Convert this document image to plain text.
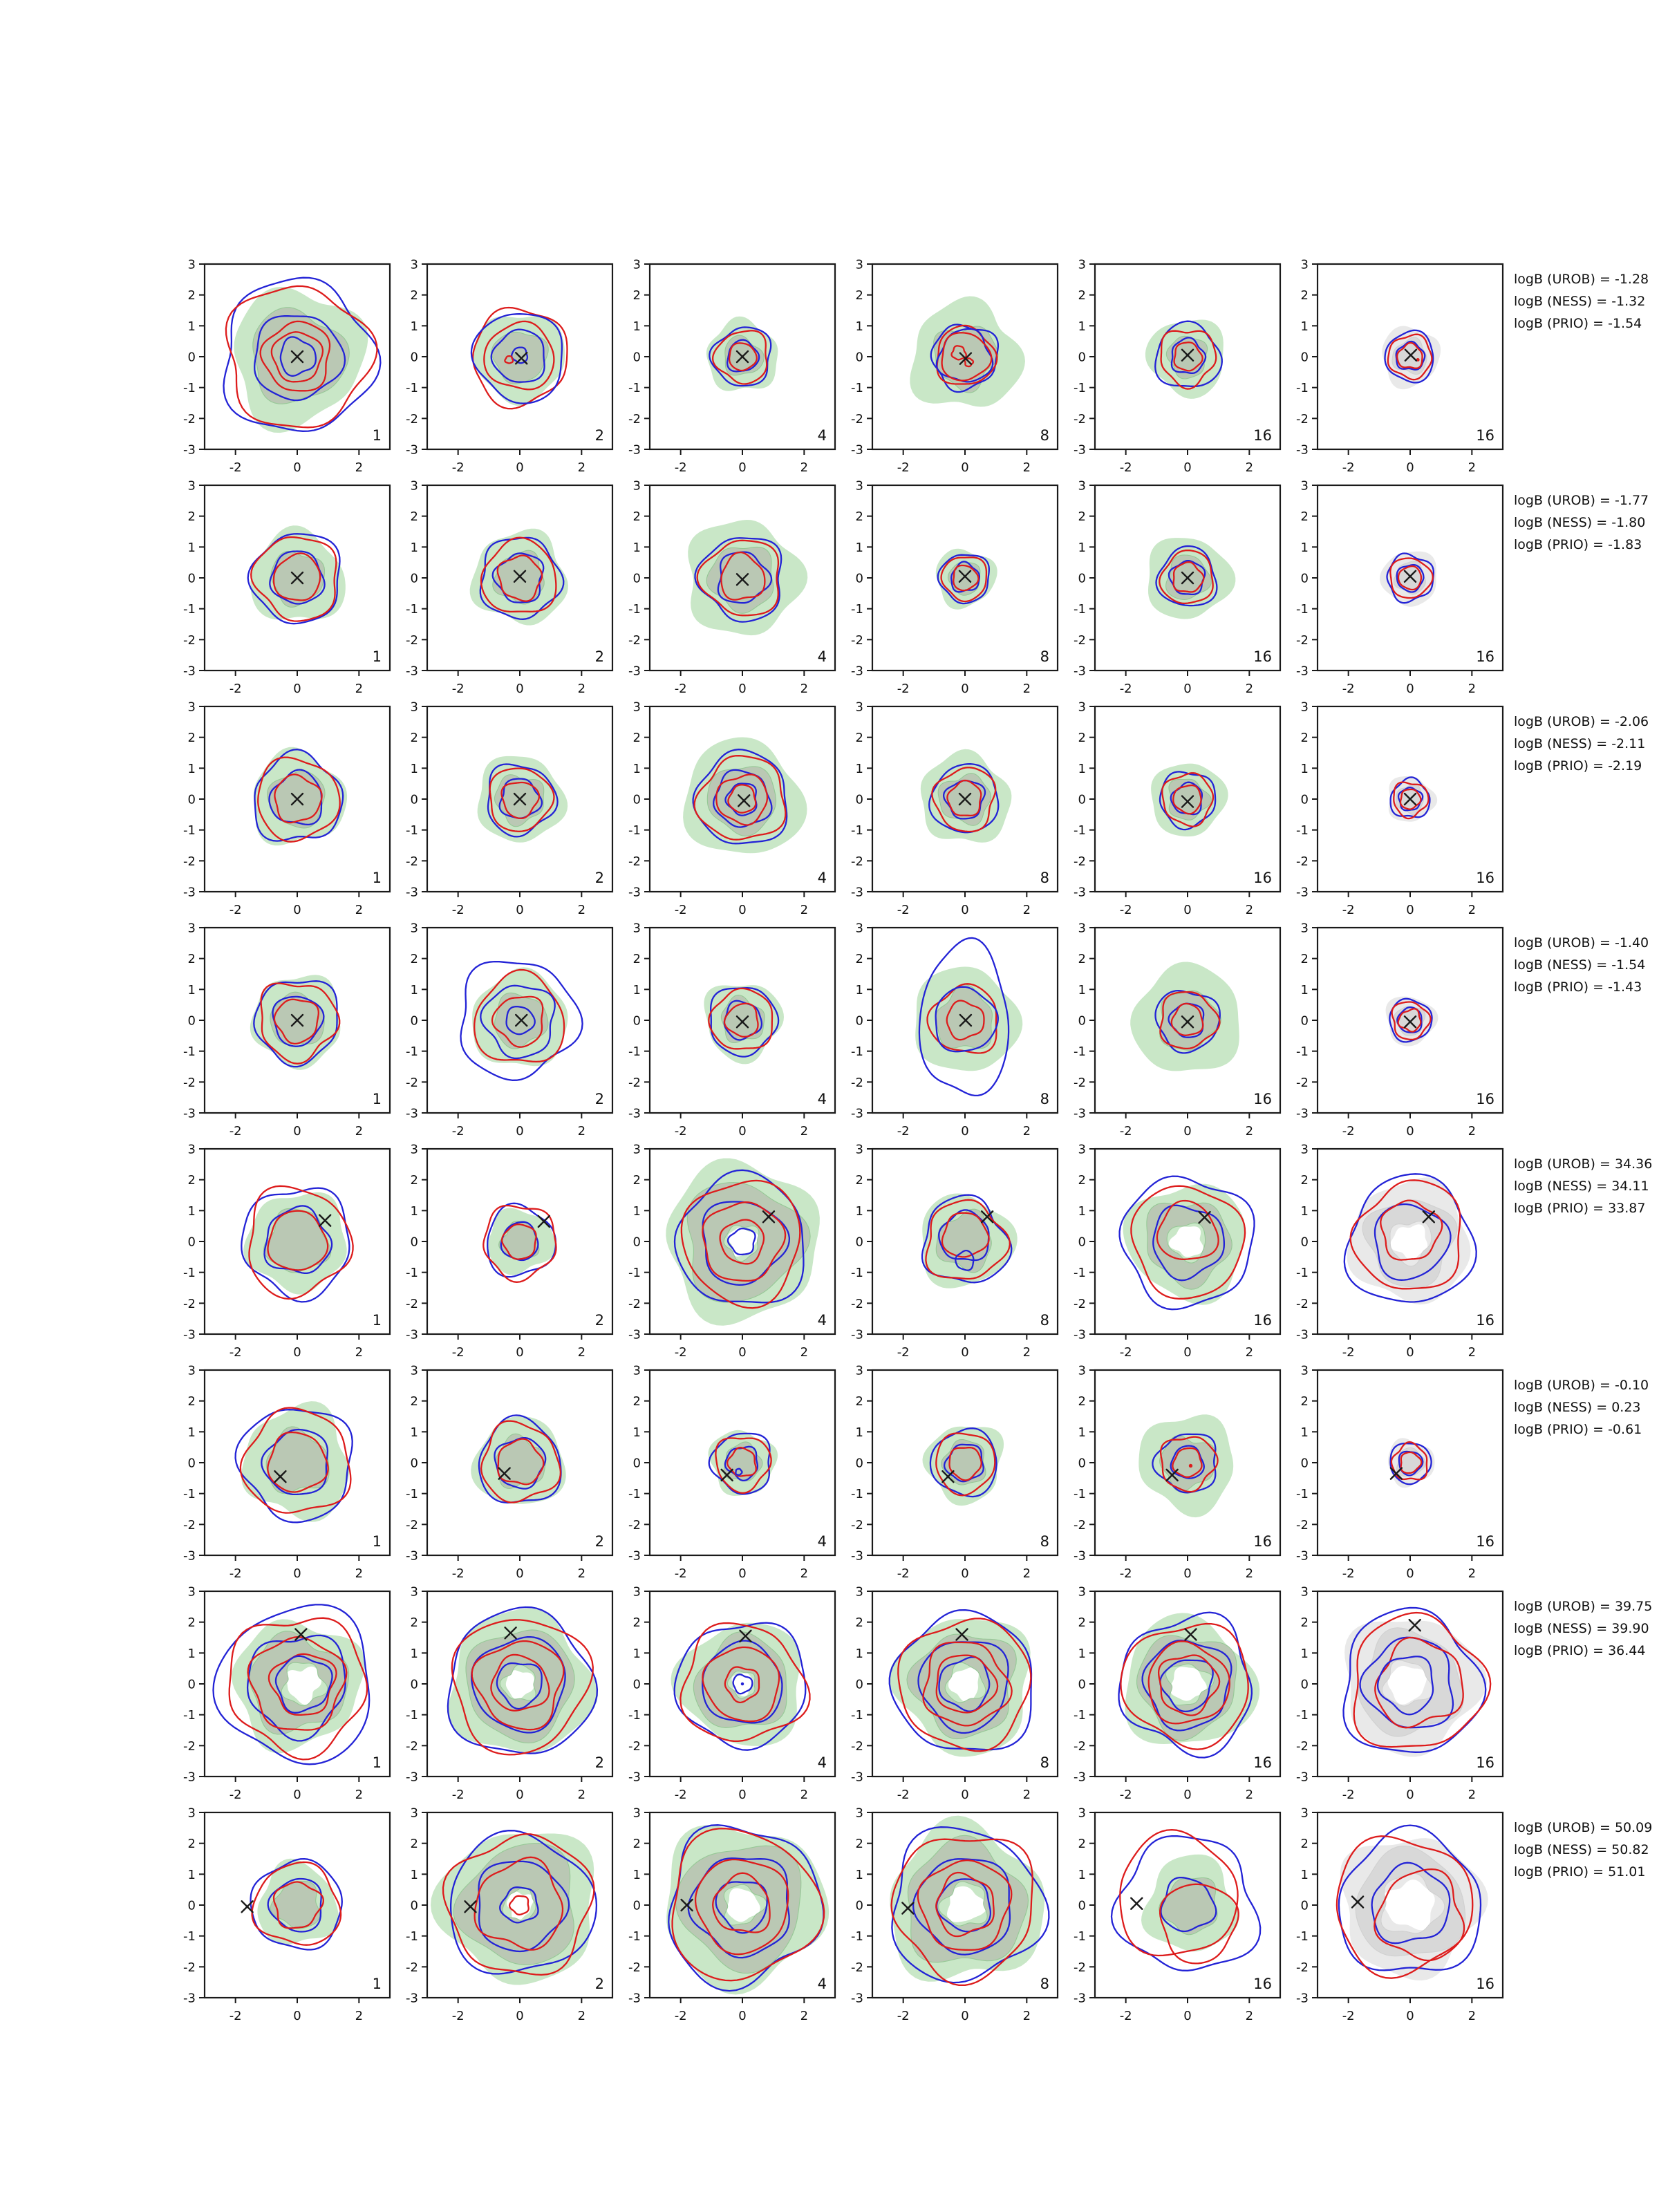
-2	0	2
3
2
1
0
-1
-2
-3
1
-2	0	2
3
2
1
0
-1
-2
-3
2
-2	0	2
3
2
1
0
-1
-2
-3
4
-2	0	2
3
2
1
0
-1
-2
-3
8
-2	0	2
3
2
1
0
-1
-2
-3
16
-2	0	2
3
2
1
0
-1
-2
-3
16
-2	0	2
3
2
1
0
-1
-2
-3
1
-2	0	2
3
2
1
0
-1
-2
-3
2
-2	0	2
3
2
1
0
-1
-2
-3
4
-2	0	2
3
2
1
0
-1
-2
-3
8
-2	0	2
3
2
1
0
-1
-2
-3
16
-2	0	2
3
2
1
0
-1
-2
-3
16
-2	0	2
3
2
1
0
-1
-2
-3
1
-2	0	2
3
2
1
0
-1
-2
-3
2
-2	0	2
3
2
1
0
-1
-2
-3
4
-2	0	2
3
2
1
0
-1
-2
-3
8
-2	0	2
3
2
1
0
-1
-2
-3
16
-2	0	2
3
2
1
0
-1
-2
-3
16
-2	0	2
3
2
1
0
-1
-2
-3
1
-2	0	2
3
2
1
0
-1
-2
-3
2
-2	0	2
3
2
1
0
-1
-2
-3
4
-2	0	2
3
2
1
0
-1
-2
-3
8
-2	0	2
3
2
1
0
-1
-2
-3
16
-2	0	2
3
2
1
0
-1
-2
-3
16
-2	0	2
3
2
1
0
-1
-2
-3
1
-2	0	2
3
2
1
0
-1
-2
-3
2
-2	0	2
3
2
1
0
-1
-2
-3
4
-2	0	2
3
2
1
0
-1
-2
-3
8
-2	0	2
3
2
1
0
-1
-2
-3
16
-2	0	2
3
2
1
0
-1
-2
-3
16
-2	0	2
3
2
1
0
-1
-2
-3
1
-2	0	2
3
2
1
0
-1
-2
-3
2
-2	0	2
3
2
1
0
-1
-2
-3
4
-2	0	2
3
2
1
0
-1
-2
-3
8
-2	0	2
3
2
1
0
-1
-2
-3
16
-2	0	2
3
2
1
0
-1
-2
-3
16
-2	0	2
3
2
1
0
-1
-2
-3
1
-2	0	2
3
2
1
0
-1
-2
-3
2
-2	0	2
3
2
1
0
-1
-2
-3
4
-2	0	2
3
2
1
0
-1
-2
-3
8
-2	0	2
3
2
1
0
-1
-2
-3
16
-2	0	2
3
2
1
0
-1
-2
-3
16
-2	0	2
3
2
1
0
-1
-2
-3
1
-2	0	2
3
2
1
0
-1
-2
-3
2
-2	0	2
3
2
1
0
-1
-2
-3
4
-2	0	2
3
2
1
0
-1
-2
-3
8
-2	0	2
3
2
1
0
-1
-2
-3
16
-2	0	2
3
2
1
0
-1
-2
-3
16
logB (UROB) = -1.28
logB (NESS) = -1.32
logB (PRIO) = -1.54
logB (UROB) = -1.77
logB (NESS) = -1.80
logB (PRIO) = -1.83
logB (UROB) = -2.06
logB (NESS) = -2.11
logB (PRIO) = -2.19
logB (UROB) = -1.40
logB (NESS) = -1.54
logB (PRIO) = -1.43
logB (UROB) = 34.36
logB (NESS) = 34.11
logB (PRIO) = 33.87
logB (UROB) = -0.10
logB (NESS) = 0.23
logB (PRIO) = -0.61
logB (UROB) = 39.75
logB (NESS) = 39.90
logB (PRIO) = 36.44
logB (UROB) = 50.09
logB (NESS) = 50.82
logB (PRIO) = 51.01
